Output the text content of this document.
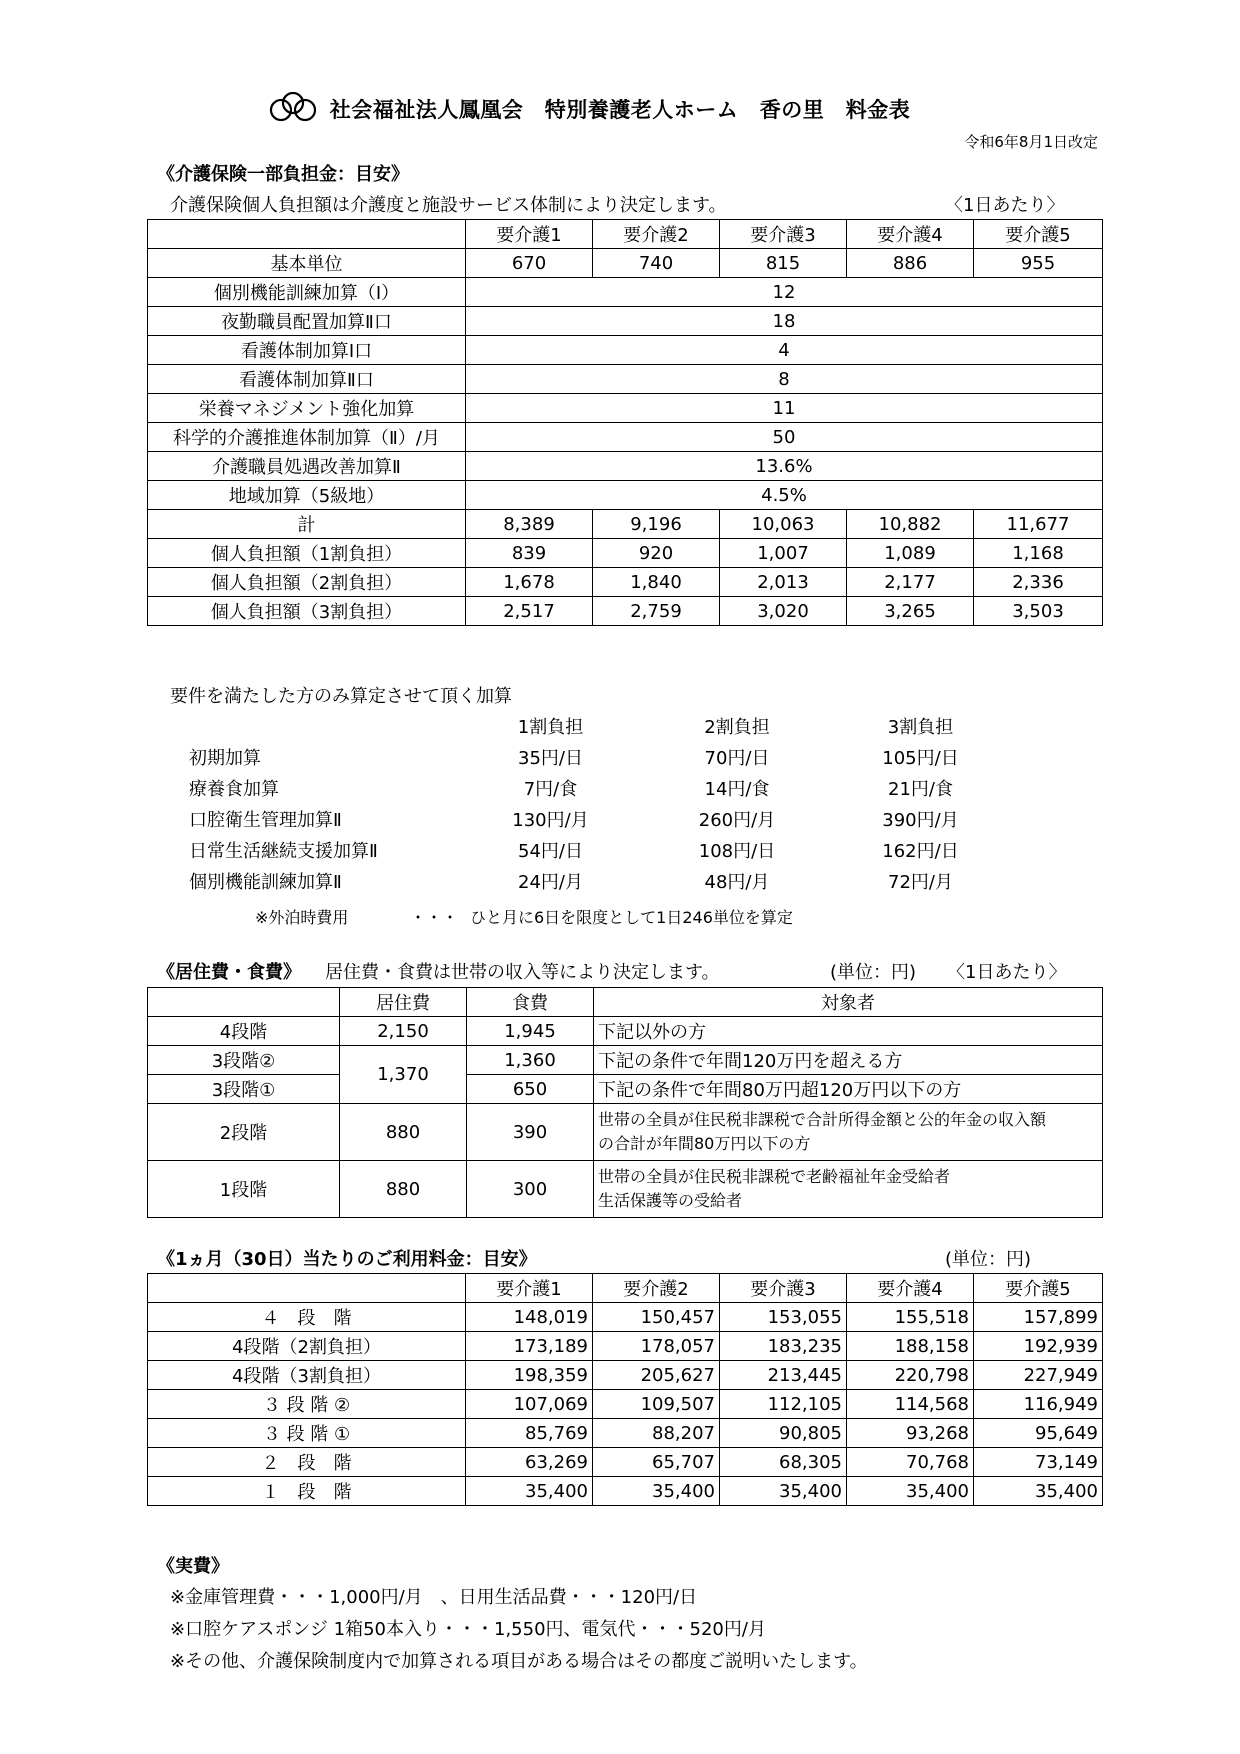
社会福祉法人鳳凰会　特別養護老人ホーム　香の里　料金表
令和6年8月1日改定
《介護保険一部負担金：目安》
介護保険個人負担額は介護度と施設サービス体制により決定します。	〈1日あたり〉
	要介護1	要介護2	要介護3	要介護4	要介護5
基本単位	670	740	815	886	955
個別機能訓練加算（Ⅰ）	12				
夜勤職員配置加算Ⅱ口	18				
看護体制加算Ⅰ口	4				
看護体制加算Ⅱ口	8				
栄養マネジメント強化加算	11				
科学的介護推進体制加算（Ⅱ）/月	50				
介護職員処遇改善加算Ⅱ	13.6%				
地域加算（5級地）	4.5%				
計	8,389	9,196	10,063	10,882	11,677
個人負担額（1割負担）	839	920	1,007	1,089	1,168
個人負担額（2割負担）	1,678	1,840	2,013	2,177	2,336
個人負担額（3割負担）	2,517	2,759	3,020	3,265	3,503
要件を満たした方のみ算定させて頂く加算
	1割負担	2割負担	3割負担
初期加算	35円/日	70円/日	105円/日
療養食加算	7円/食	14円/食	21円/食
口腔衛生管理加算Ⅱ	130円/月	260円/月	390円/月
日常生活継続支援加算Ⅱ	54円/日	108円/日	162円/日
個別機能訓練加算Ⅱ	24円/月	48円/月	72円/月
※外泊時費用	・・・ ひと月に6日を限度として1日246単位を算定
《居住費・食費》 居住費・食費は世帯の収入等により決定します。	(単位：円) 〈1日あたり〉
	居住費	食費	対象者
4段階	2,150	1,945	下記以外の方
3段階②	1,370	1,360	下記の条件で年間120万円を超える方
3段階①		650	下記の条件で年間80万円超120万円以下の方
2段階	880	390	世帯の全員が住民税非課税で合計所得金額と公的年金の収入額
の合計が年間80万円以下の方

1段階	880	300	世帯の全員が住民税非課税で老齢福祉年金受給者
生活保護等の受給者
《1ヵ月（30日）当たりのご利用料金：目安》	(単位：円)
	要介護1	要介護2	要介護3	要介護4	要介護5
４　段　階	148,019	150,457	153,055	155,518	157,899
4段階（2割負担）	173,189	178,057	183,235	188,158	192,939
4段階（3割負担）	198,359	205,627	213,445	220,798	227,949
３ 段 階 ②	107,069	109,507	112,105	114,568	116,949
３ 段 階 ①	85,769	88,207	90,805	93,268	95,649
２　段　階	63,269	65,707	68,305	70,768	73,149
１　段　階	35,400	35,400	35,400	35,400	35,400
《実費》
※金庫管理費・・・1,000円/月　、日用生活品費・・・120円/日
※口腔ケアスポンジ 1箱50本入り・・・1,550円、電気代・・・520円/月
※その他、介護保険制度内で加算される項目がある場合はその都度ご説明いたします。
